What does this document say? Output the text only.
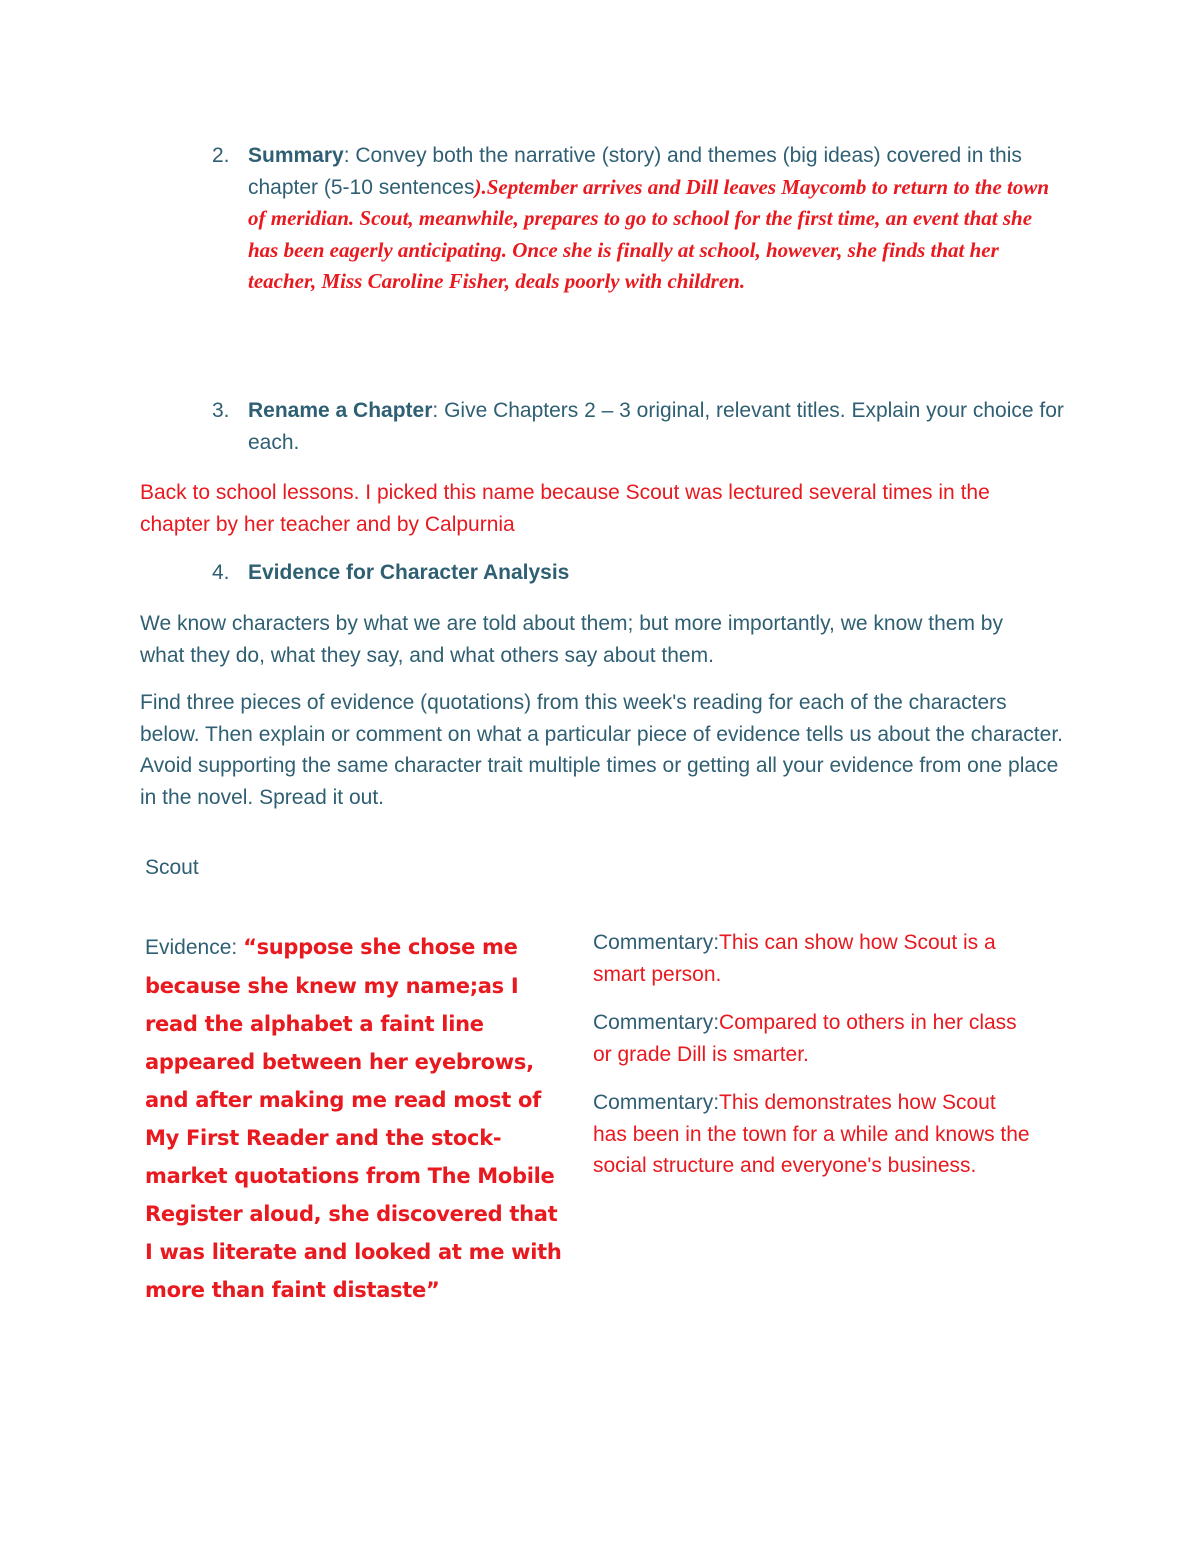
2. Summary: Convey both the narrative (story) and themes (big ideas) covered in this chapter (5-10 sentences).September arrives and Dill leaves Maycomb to return to the town of meridian. Scout, meanwhile, prepares to go to school for the first time, an event that she has been eagerly anticipating. Once she is finally at school, however, she finds that her teacher, Miss Caroline Fisher, deals poorly with children.

3. Rename a Chapter: Give Chapters 2 – 3 original, relevant titles. Explain your choice for each.

Back to school lessons. I picked this name because Scout was lectured several times in the chapter by her teacher and by Calpurnia
4. Evidence for Character Analysis
We know characters by what we are told about them; but more importantly, we know them by what they do, what they say, and what others say about them.
Find three pieces of evidence (quotations) from this week's reading for each of the characters below. Then explain or comment on what a particular piece of evidence tells us about the character. Avoid supporting the same character trait multiple times or getting all your evidence from one place in the novel. Spread it out.
Scout

Evidence: “suppose she chose me because she knew my name;as I read the alphabet a faint line appeared between her eyebrows, and after making me read most of My First Reader and the stock-market quotations from The Mobile Register aloud, she discovered that I was literate and looked at me with more than faint distaste”

Commentary:This can show how Scout is a smart person.

Commentary:Compared to others in her class or grade Dill is smarter.

Commentary:This demonstrates how Scout has been in the town for a while and knows the social structure and everyone's business.
